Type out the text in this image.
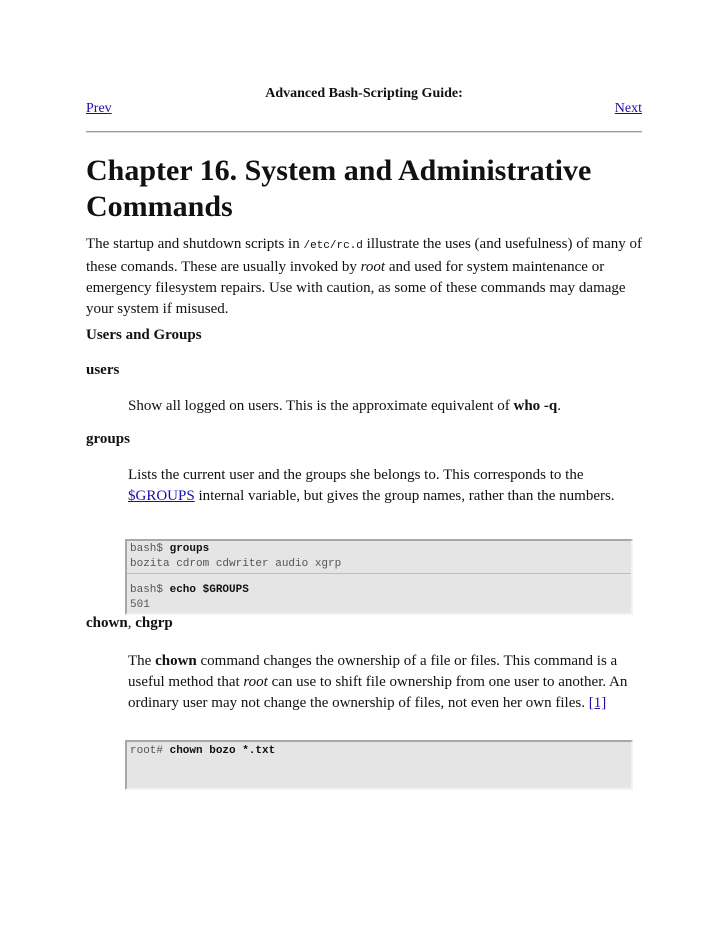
Advanced Bash-Scripting Guide:
Prev	Next
Chapter 16. System and Administrative Commands

The startup and shutdown scripts in /etc/rc.d illustrate the uses (and usefulness) of many of these comands. These are usually invoked by root and used for system maintenance or emergency filesystem repairs. Use with caution, as some of these commands may damage your system if misused.

Users and Groups

users

Show all logged on users. This is the approximate equivalent of who -q.

groups

Lists the current user and the groups she belongs to. This corresponds to the $GROUPS internal variable, but gives the group names, rather than the numbers.

bash$ groups
bozita cdrom cdwriter audio xgrp
bash$ echo $GROUPS
501

chown, chgrp

The chown command changes the ownership of a file or files. This command is a useful method that root can use to shift file ownership from one user to another. An ordinary user may not change the ownership of files, not even her own files. [1]

root# chown bozo *.txt
